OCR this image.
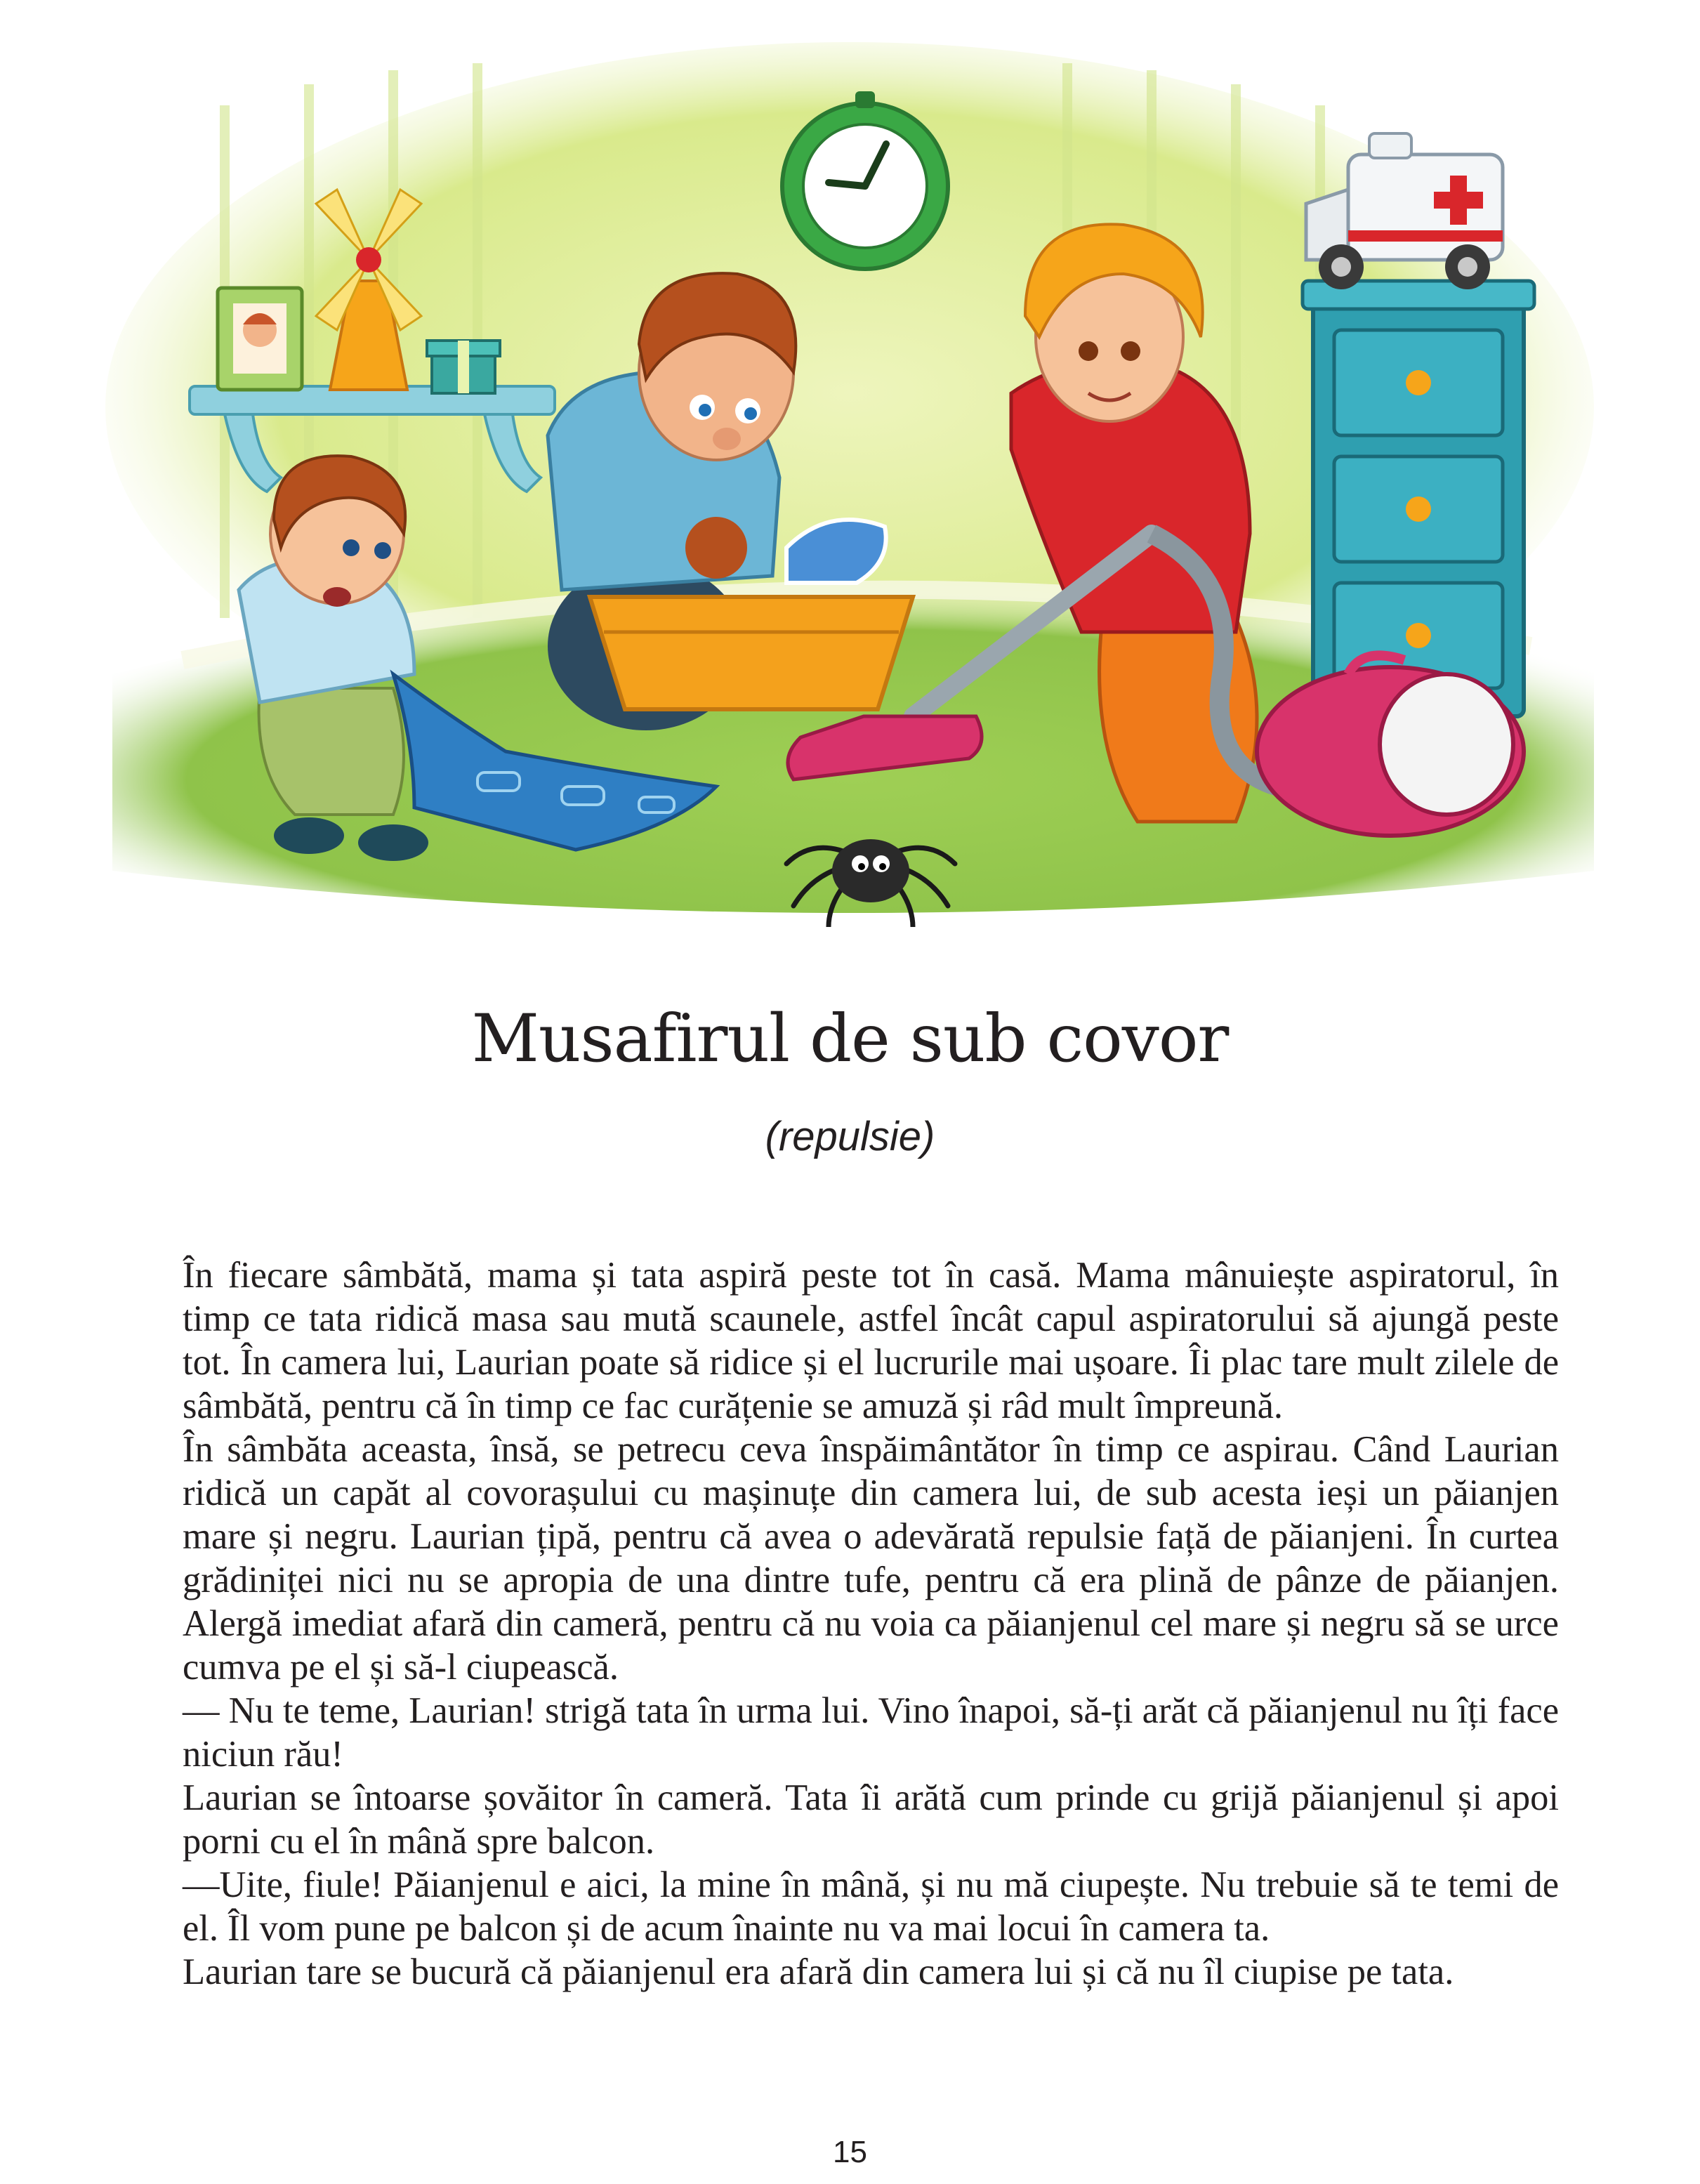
Musafirul de sub covor
(repulsie)

În fiecare sâmbătă, mama și tata aspiră peste tot în casă. Mama mânuiește aspiratorul, în timp ce tata ridică masa sau mută scaunele, astfel încât capul aspiratorului să ajungă peste tot. În camera lui, Laurian poate să ridice și el lucrurile mai ușoare. Îi plac tare mult zilele de sâmbătă, pentru că în timp ce fac curățenie se amuză și râd mult împreună.

În sâmbăta aceasta, însă, se petrecu ceva înspăimântător în timp ce aspirau. Când Laurian ridică un capăt al covorașului cu mașinuțe din camera lui, de sub acesta ieși un păianjen mare și negru. Laurian țipă, pentru că avea o adevărată repulsie față de păianjeni. În curtea grădiniței nici nu se apropia de una dintre tufe, pentru că era plină de pânze de păianjen. Alergă imediat afară din cameră, pentru că nu voia ca păianjenul cel mare și negru să se urce cumva pe el și să-l ciupească.

— Nu te teme, Laurian! strigă tata în urma lui. Vino înapoi, să-ți arăt că păianjenul nu îți face niciun rău!

Laurian se întoarse șovăitor în cameră. Tata îi arătă cum prinde cu grijă păianjenul și apoi porni cu el în mână spre balcon.

—Uite, fiule! Păianjenul e aici, la mine în mână, și nu mă ciupește. Nu trebuie să te temi de el. Îl vom pune pe balcon și de acum înainte nu va mai locui în camera ta.

Laurian tare se bucură că păianjenul era afară din camera lui și că nu îl ciupise pe tata.

15
